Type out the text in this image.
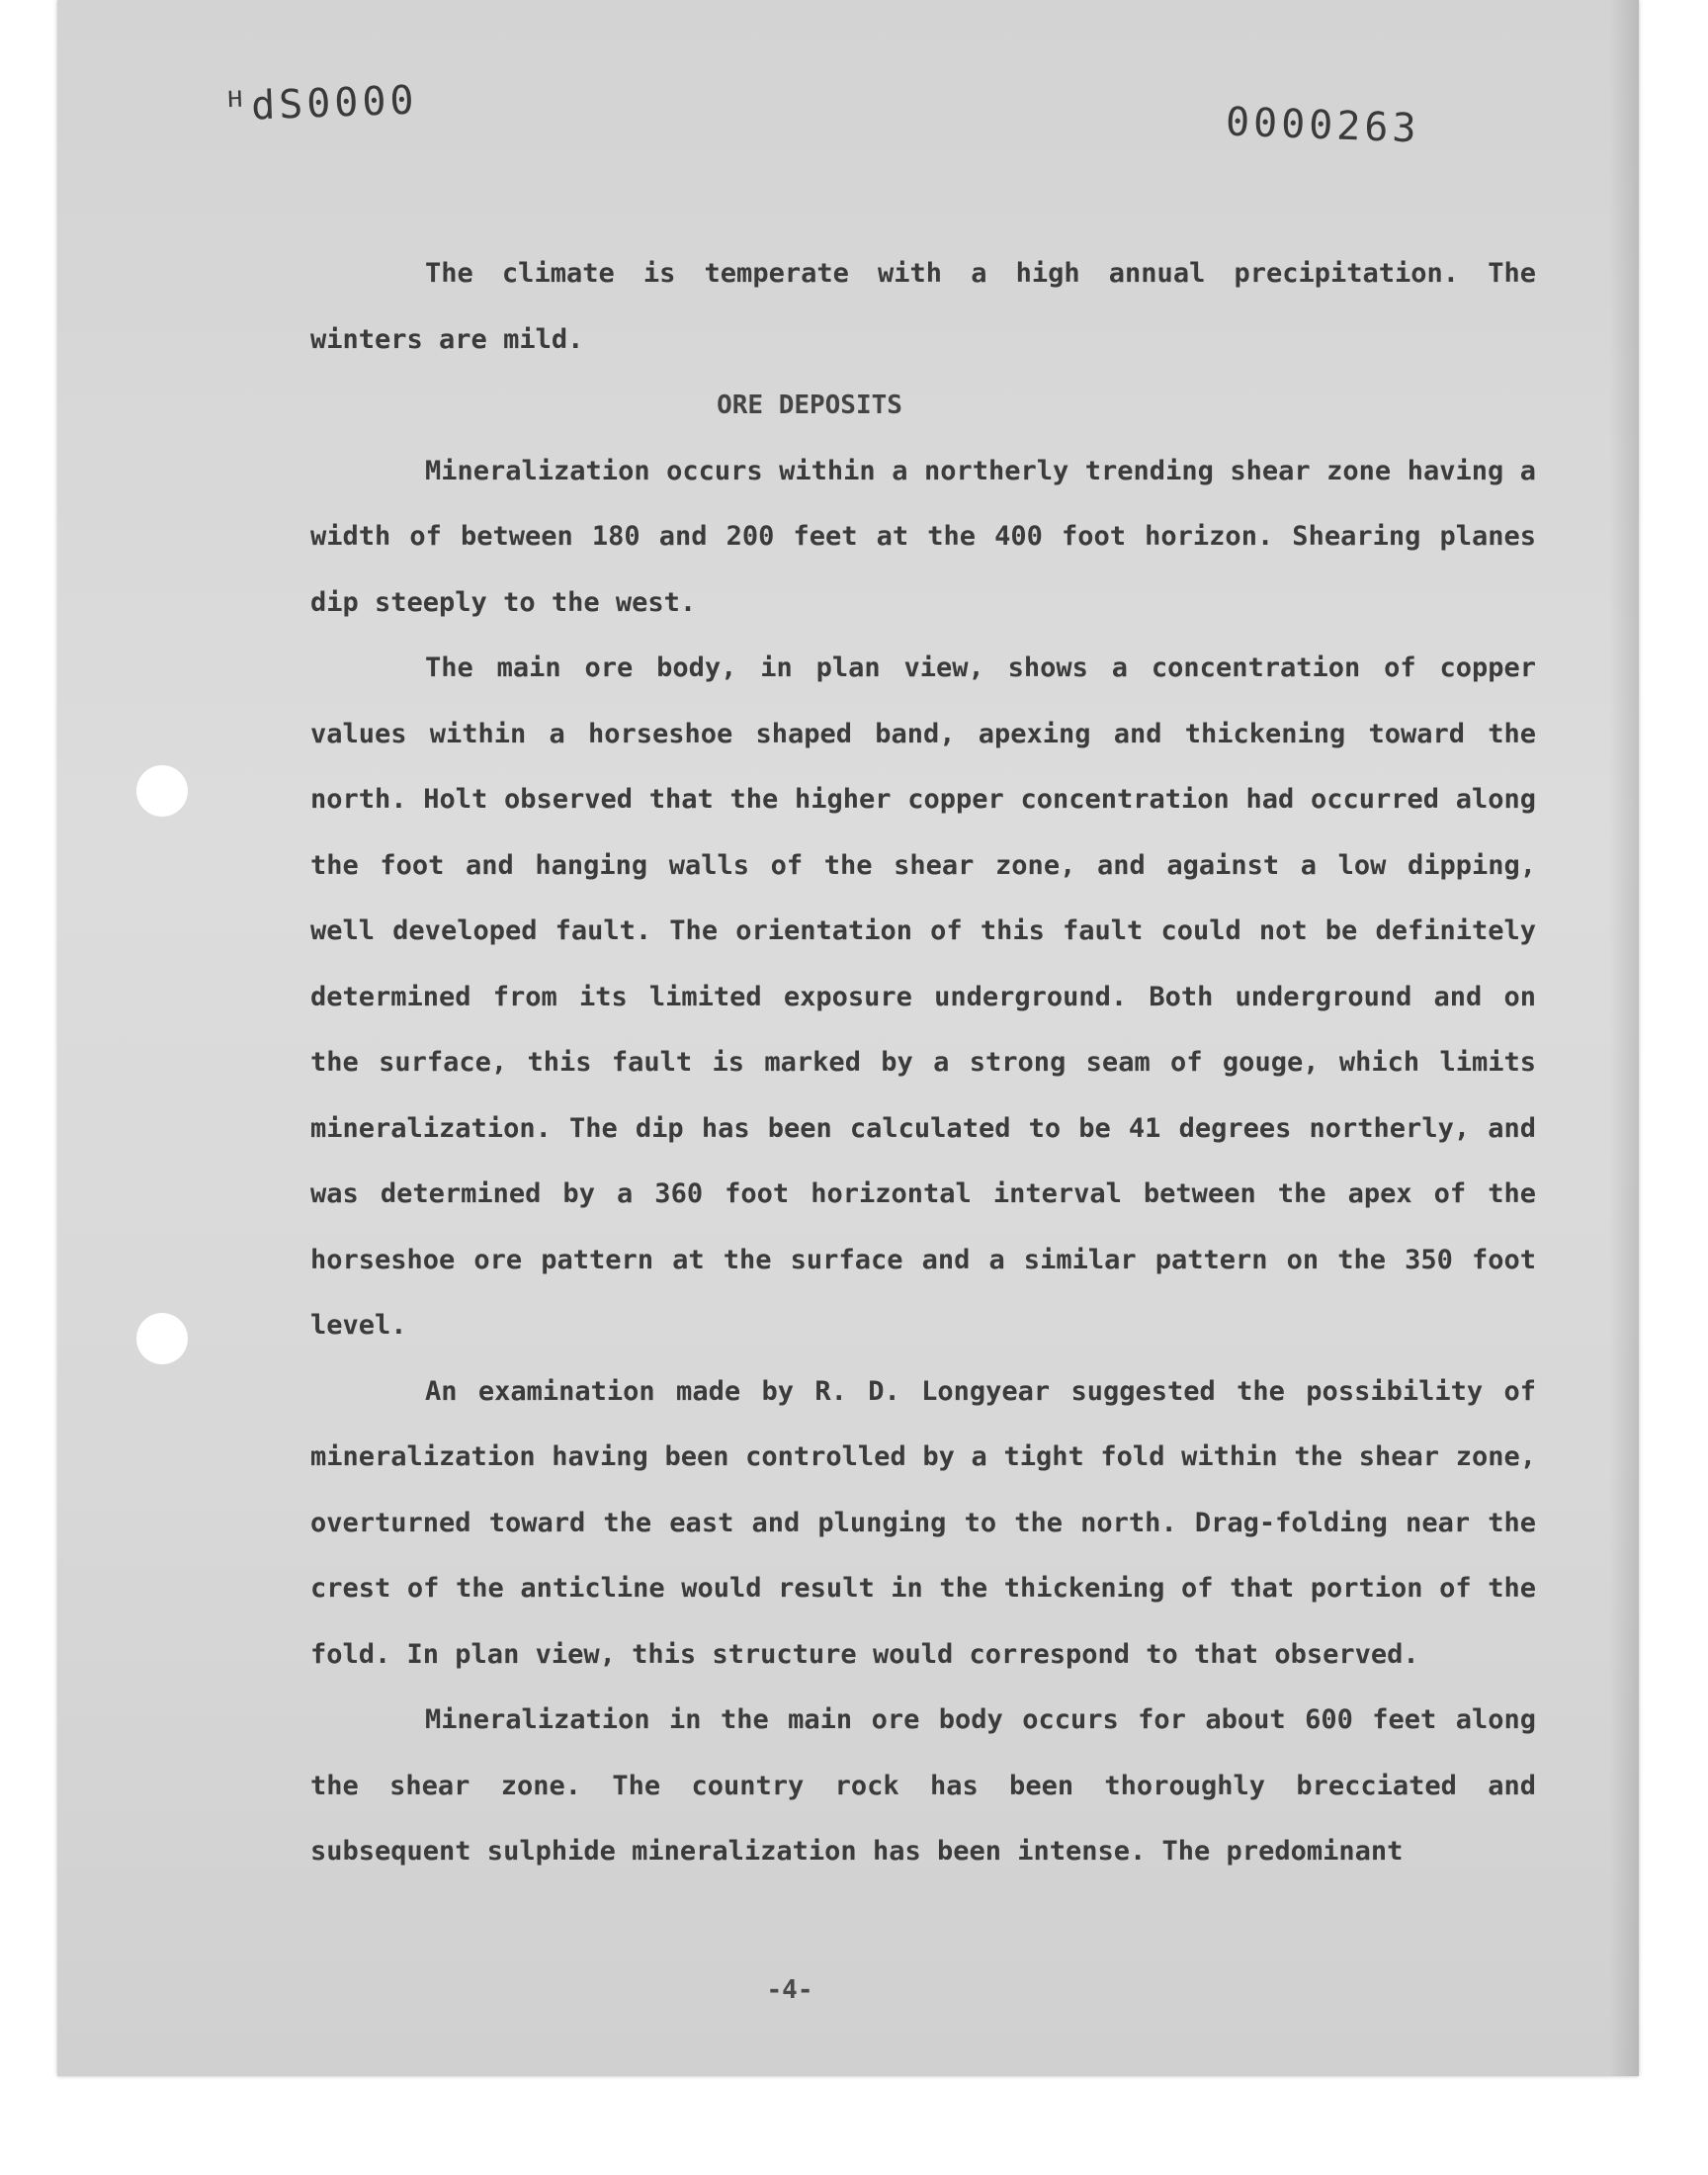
ᴴdS0000	0000263

The climate is temperate with a high annual precipitation. The winters are mild.

ORE DEPOSITS

Mineralization occurs within a northerly trending shear zone having a width of between 180 and 200 feet at the 400 foot horizon. Shearing planes dip steeply to the west.

The main ore body, in plan view, shows a concentration of copper values within a horseshoe shaped band, apexing and thickening toward the north. Holt observed that the higher copper concentration had occurred along the foot and hanging walls of the shear zone, and against a low dipping, well developed fault. The orientation of this fault could not be definitely determined from its limited exposure underground. Both underground and on the surface, this fault is marked by a strong seam of gouge, which limits mineralization. The dip has been calculated to be 41 degrees northerly, and was determined by a 360 foot horizontal interval between the apex of the horseshoe ore pattern at the surface and a similar pattern on the 350 foot level.

An examination made by R. D. Longyear suggested the possibility of mineralization having been controlled by a tight fold within the shear zone, overturned toward the east and plunging to the north. Drag-folding near the crest of the anticline would result in the thickening of that portion of the fold. In plan view, this structure would correspond to that observed.

Mineralization in the main ore body occurs for about 600 feet along the shear zone. The country rock has been thoroughly brecciated and subsequent sulphide mineralization has been intense. The predominant

-4-
